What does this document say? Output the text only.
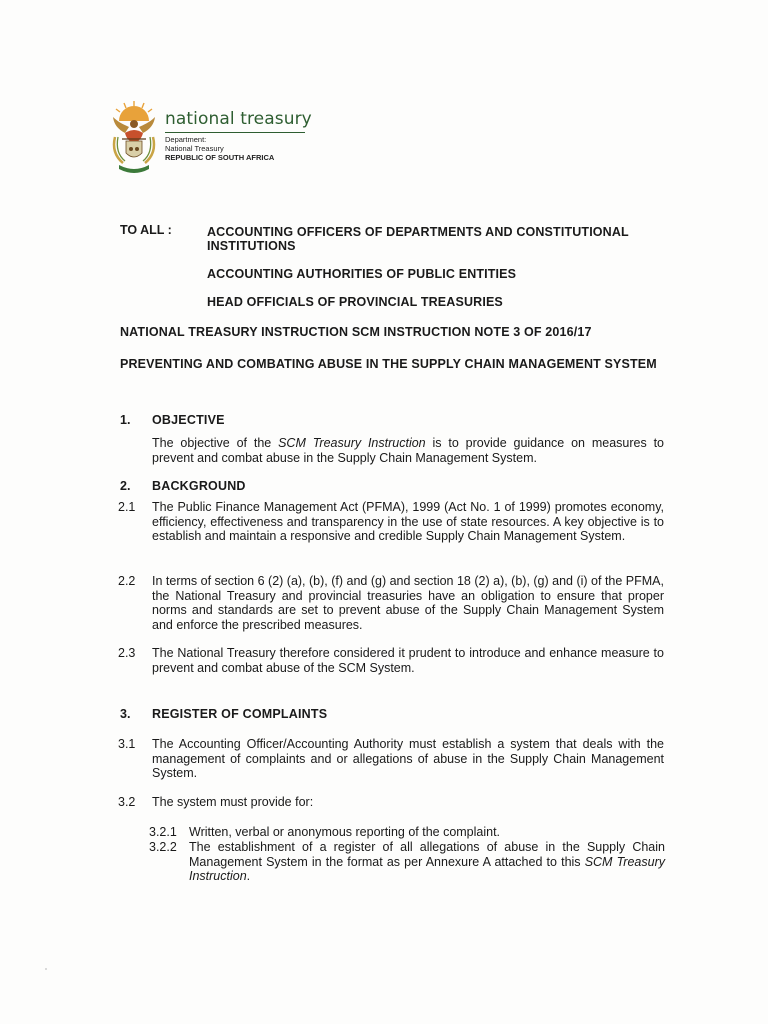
national treasury
Department:
National Treasury
REPUBLIC OF SOUTH AFRICA
TO ALL :	ACCOUNTING OFFICERS OF DEPARTMENTS AND CONSTITUTIONAL INSTITUTIONS
ACCOUNTING AUTHORITIES OF PUBLIC ENTITIES
HEAD OFFICIALS OF PROVINCIAL TREASURIES
NATIONAL TREASURY INSTRUCTION SCM INSTRUCTION NOTE 3 OF 2016/17
PREVENTING AND COMBATING ABUSE IN THE SUPPLY CHAIN MANAGEMENT SYSTEM
1. OBJECTIVE
The objective of the SCM Treasury Instruction is to provide guidance on measures to prevent and combat abuse in the Supply Chain Management System.
2. BACKGROUND
2.1 The Public Finance Management Act (PFMA), 1999 (Act No. 1 of 1999) promotes economy, efficiency, effectiveness and transparency in the use of state resources. A key objective is to establish and maintain a responsive and credible Supply Chain Management System.
2.2 In terms of section 6 (2) (a), (b), (f) and (g) and section 18 (2) a), (b), (g) and (i) of the PFMA, the National Treasury and provincial treasuries have an obligation to ensure that proper norms and standards are set to prevent abuse of the Supply Chain Management System and enforce the prescribed measures.
2.3 The National Treasury therefore considered it prudent to introduce and enhance measure to prevent and combat abuse of the SCM System.
3. REGISTER OF COMPLAINTS
3.1 The Accounting Officer/Accounting Authority must establish a system that deals with the management of complaints and or allegations of abuse in the Supply Chain Management System.
3.2 The system must provide for:
3.2.1 Written, verbal or anonymous reporting of the complaint.
3.2.2 The establishment of a register of all allegations of abuse in the Supply Chain Management System in the format as per Annexure A attached to this SCM Treasury Instruction.
